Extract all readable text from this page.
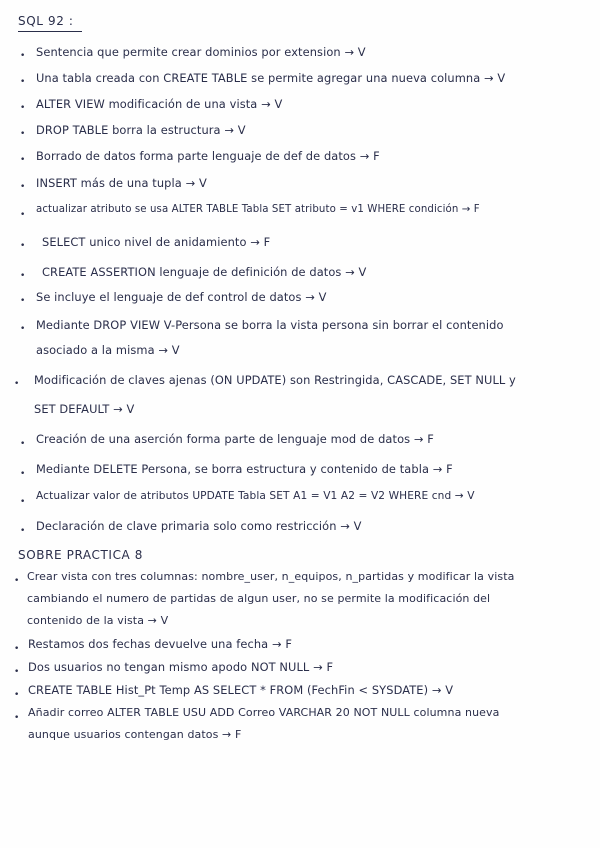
SQL 92 :
• Sentencia que permite crear dominios por extension → V
• Una tabla creada con CREATE TABLE se permite agregar una nueva columna → V
• ALTER VIEW modificación de una vista → V
• DROP TABLE borra la estructura → V
• Borrado de datos forma parte lenguaje de def de datos → F
• INSERT más de una tupla → V
• actualizar atributo se usa ALTER TABLE Tabla SET atributo = v1 WHERE condición → F
• SELECT unico nivel de anidamiento → F
• CREATE ASSERTION lenguaje de definición de datos → V
• Se incluye el lenguaje de def control de datos → V
• Mediante DROP VIEW V-Persona se borra la vista persona sin borrar el contenido
asociado a la misma → V
• Modificación de claves ajenas (ON UPDATE) son Restringida, CASCADE, SET NULL y
SET DEFAULT → V
• Creación de una aserción forma parte de lenguaje mod de datos → F
• Mediante DELETE Persona, se borra estructura y contenido de tabla → F
• Actualizar valor de atributos UPDATE Tabla SET A1 = V1 A2 = V2 WHERE cnd → V
• Declaración de clave primaria solo como restricción → V
SOBRE PRACTICA 8
• Crear vista con tres columnas: nombre_user, n_equipos, n_partidas y modificar la vista
cambiando el numero de partidas de algun user, no se permite la modificación del
contenido de la vista → V
• Restamos dos fechas devuelve una fecha → F
• Dos usuarios no tengan mismo apodo NOT NULL → F
• CREATE TABLE Hist_Pt Temp AS SELECT * FROM (FechFin < SYSDATE) → V
• Añadir correo ALTER TABLE USU ADD Correo VARCHAR 20 NOT NULL columna nueva
aunque usuarios contengan datos → F
